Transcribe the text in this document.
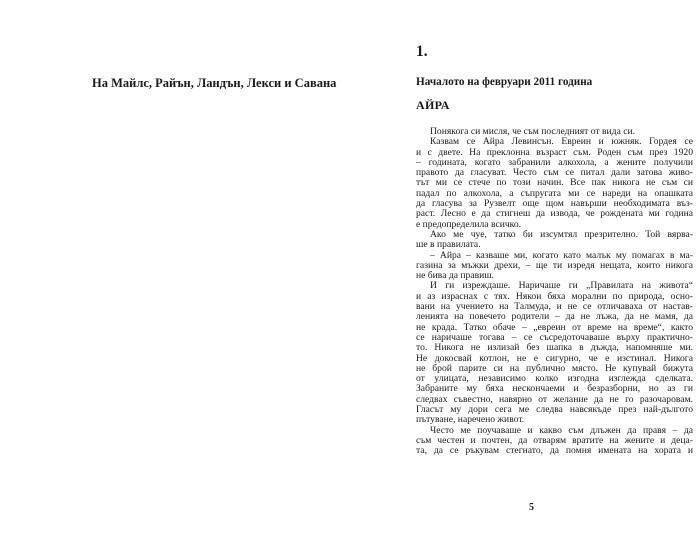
На Майлс, Райън, Ландън, Лекси и Савана
1.
Началото на февруари 2011 година
АЙРА
Понякога си мисля, че съм последният от вида си.
Казвам се Айра Левинсън. Евреин и южняк. Гордея се
и с двете. На преклонна възраст съм. Роден съм през 1920
– годината, когато забранили алкохола, а жените получили
правото да гласуват. Често съм се питал дали затова живо-
тът ми се стече по този начин. Все пак никога не съм си
падал по алкохола, а съпругата ми се нареди на опашката
да гласува за Рузвелт още щом навърши необходимата въз-
раст. Лесно е да стигнеш да извода, че рождената ми година
е предопределила всичко.
Ако ме чуе, татко би изсумтял презрително. Той вярва-
ше в правилата.
– Айра – казваше ми, когато като малък му помагах в ма-
газина за мъжки дрехи, – ще ти изредя нещата, които никога
не бива да правиш.
И ги изреждаше. Наричаше ги „Правилата на живота“
и аз израснах с тях. Някои бяха морални по природа, осно-
вани на учението на Талмуда, и не се отличаваха от настав-
ленията на повечето родители – да не лъжа, да не мамя, да
не крада. Татко обаче – „евреин от време на време“, както
се наричаше тогава – се съсредоточаваше върху практично-
то. Никога не излизай без шапка в дъжда, напомняше ми.
Не докосвай котлон, не е сигурно, че е изстинал. Никога
не брой парите си на публично място. Не купувай бижута
от улицата, независимо колко изгодна изглежда сделката.
Забраните му бяха нескончаеми и безразборни, но аз ги
следвах съвестно, навярно от желание да не го разочаровам.
Гласът му дори сега ме следва навсякъде през най-дългото
пътуване, наречено живот.
Често ме поучаваше и какво съм длъжен да правя – да
съм честен и почтен, да отварям вратите на жените и деца-
та, да се ръкувам стегнато, да помня имената на хората и
5
